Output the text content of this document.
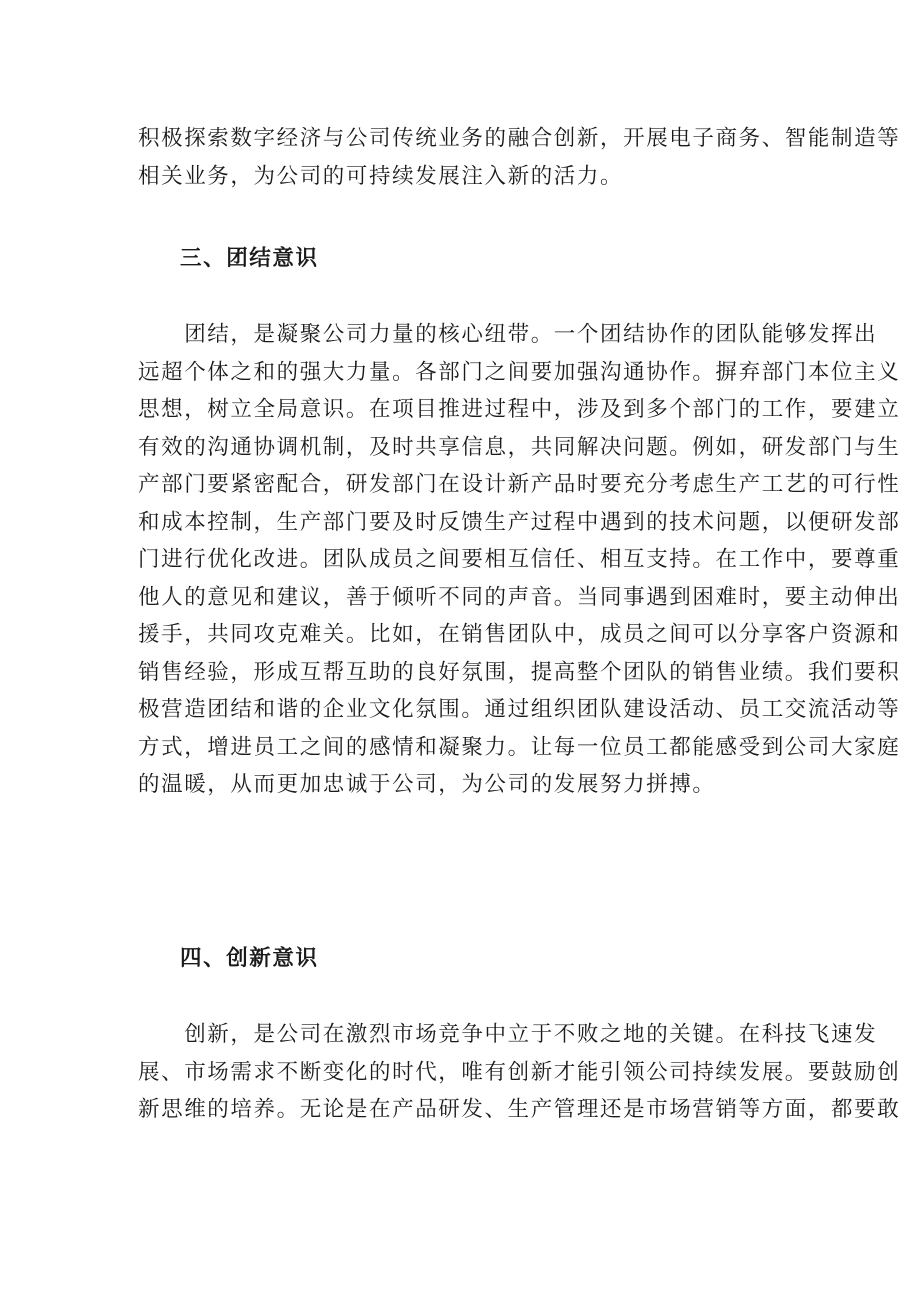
积极探索数字经济与公司传统业务的融合创新，开展电子商务、智能制造等
相关业务，为公司的可持续发展注入新的活力。
三、团结意识
　　团结，是凝聚公司力量的核心纽带。一个团结协作的团队能够发挥出
远超个体之和的强大力量。各部门之间要加强沟通协作。摒弃部门本位主义
思想，树立全局意识。在项目推进过程中，涉及到多个部门的工作，要建立
有效的沟通协调机制，及时共享信息，共同解决问题。例如，研发部门与生
产部门要紧密配合，研发部门在设计新产品时要充分考虑生产工艺的可行性
和成本控制，生产部门要及时反馈生产过程中遇到的技术问题，以便研发部
门进行优化改进。团队成员之间要相互信任、相互支持。在工作中，要尊重
他人的意见和建议，善于倾听不同的声音。当同事遇到困难时，要主动伸出
援手，共同攻克难关。比如，在销售团队中，成员之间可以分享客户资源和
销售经验，形成互帮互助的良好氛围，提高整个团队的销售业绩。我们要积
极营造团结和谐的企业文化氛围。通过组织团队建设活动、员工交流活动等
方式，增进员工之间的感情和凝聚力。让每一位员工都能感受到公司大家庭
的温暖，从而更加忠诚于公司，为公司的发展努力拼搏。
四、创新意识
　　创新，是公司在激烈市场竞争中立于不败之地的关键。在科技飞速发
展、市场需求不断变化的时代，唯有创新才能引领公司持续发展。要鼓励创
新思维的培养。无论是在产品研发、生产管理还是市场营销等方面，都要敢
